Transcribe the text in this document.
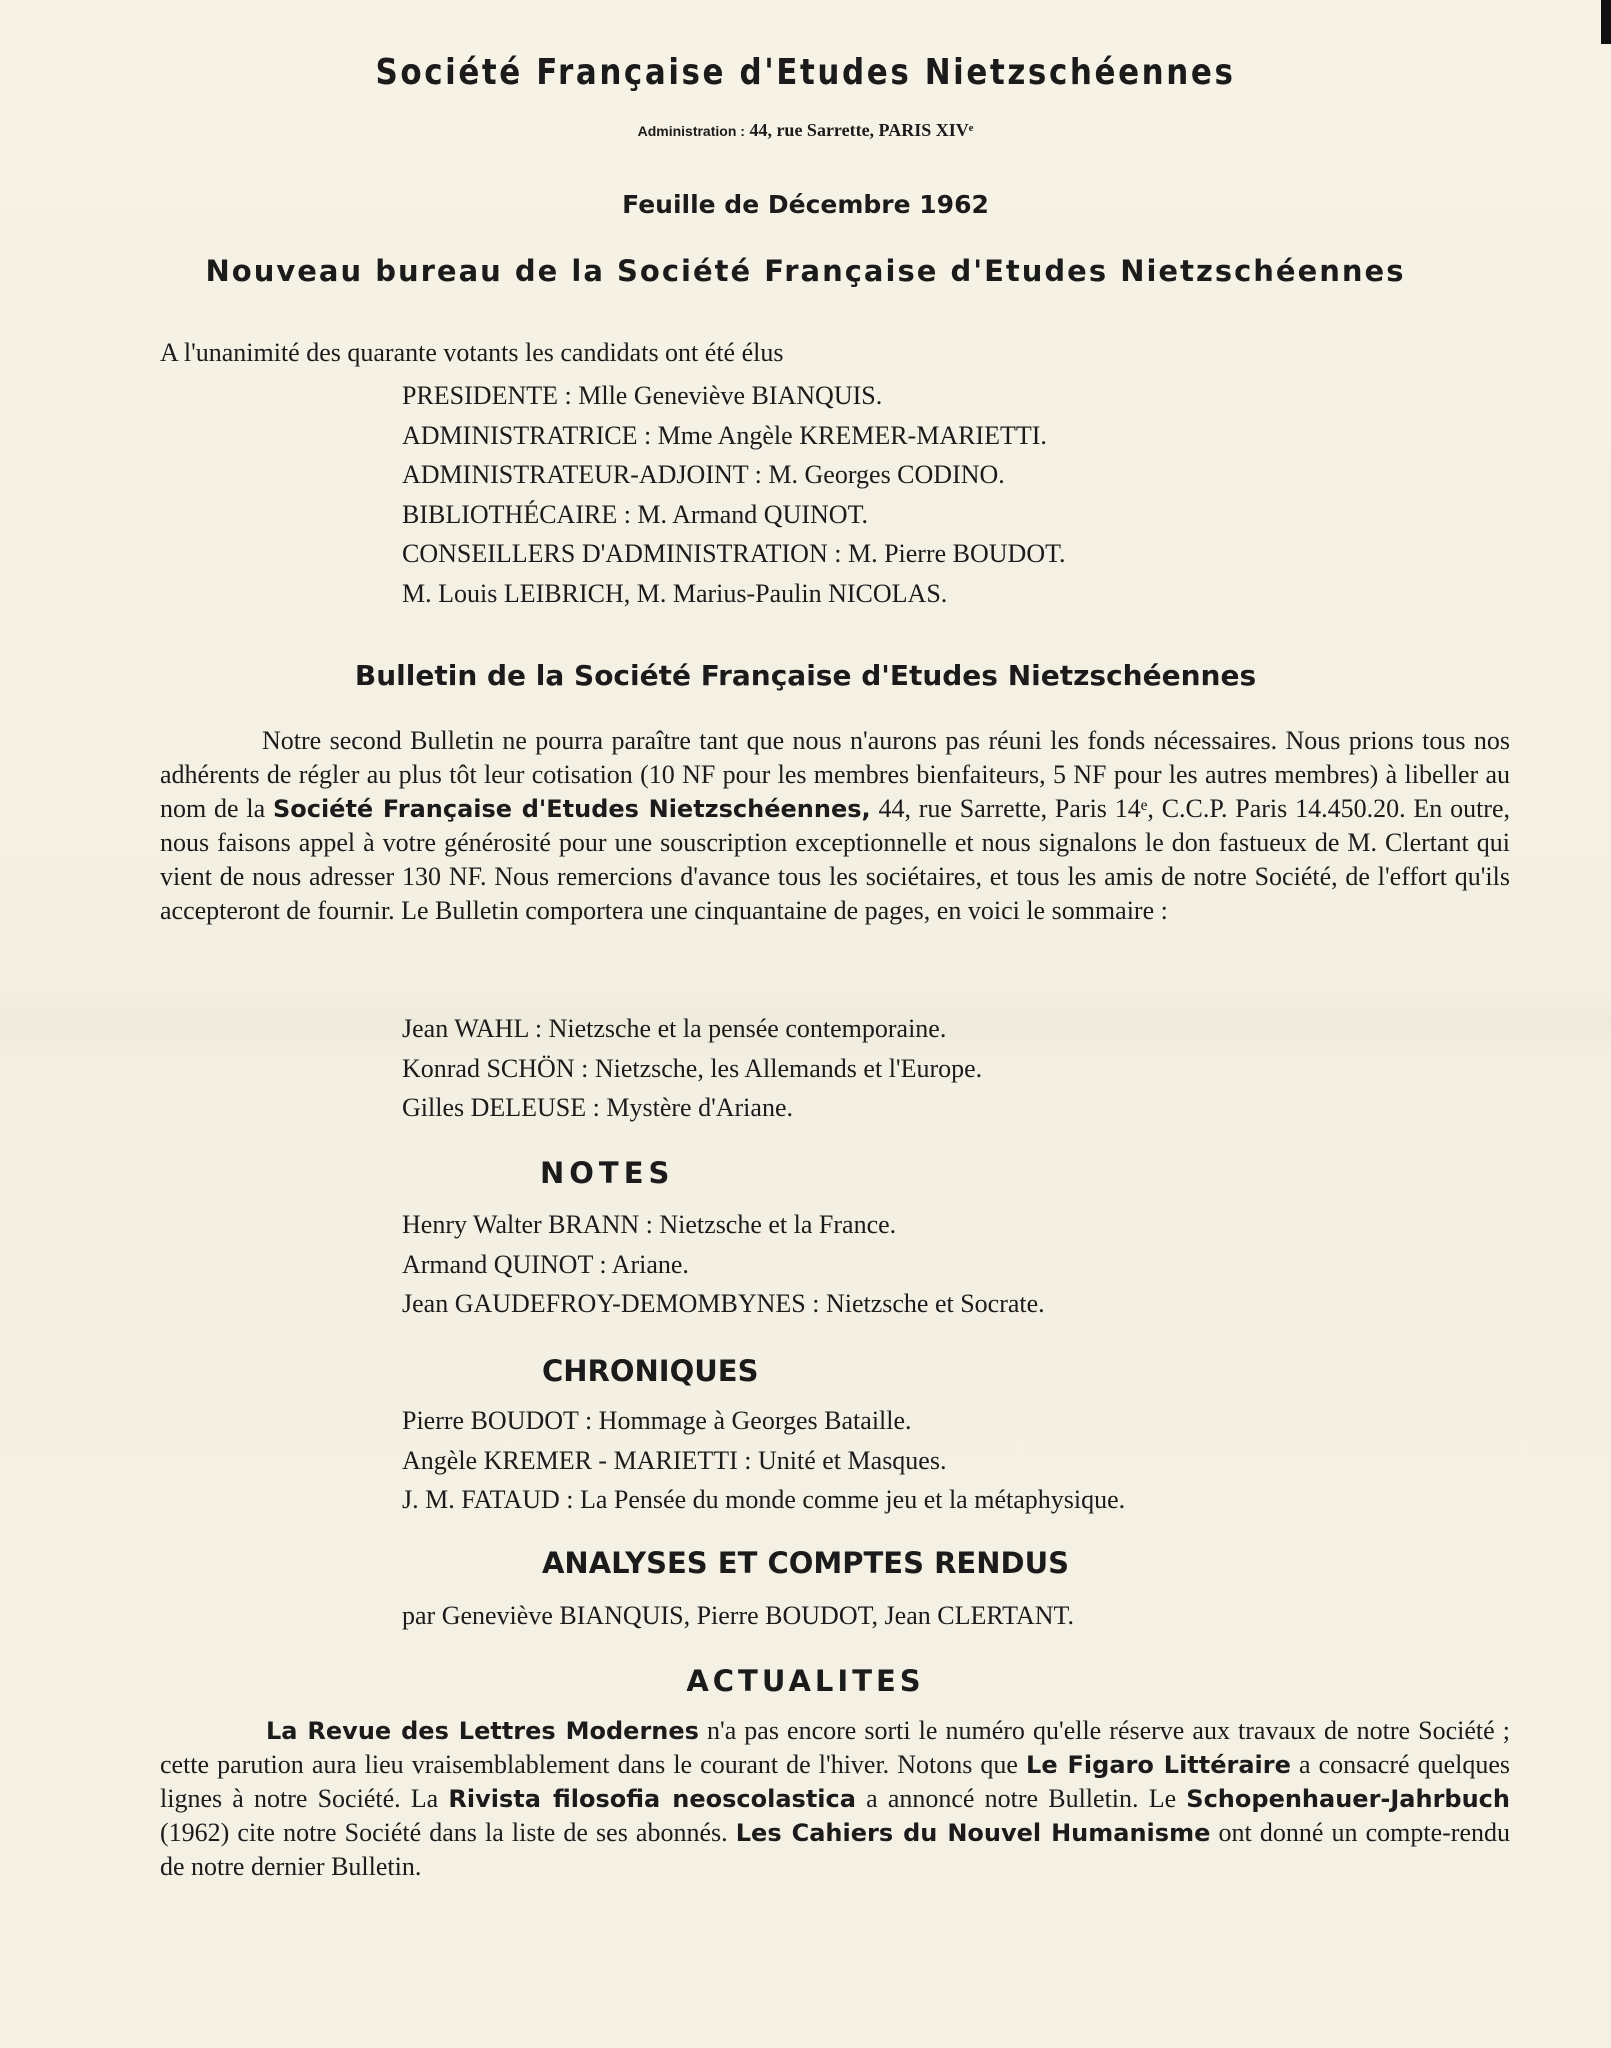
Société Française d'Etudes Nietzschéennes
Administration : 44, rue Sarrette, PARIS XIVᵉ
Feuille de Décembre 1962
Nouveau bureau de la Société Française d'Etudes Nietzschéennes
A l'unanimité des quarante votants les candidats ont été élus
PRESIDENTE : Mlle Geneviève BIANQUIS.
ADMINISTRATRICE : Mme Angèle KREMER-MARIETTI.
ADMINISTRATEUR-ADJOINT : M. Georges CODINO.
BIBLIOTHÉCAIRE : M. Armand QUINOT.
CONSEILLERS D'ADMINISTRATION : M. Pierre BOUDOT.
M. Louis LEIBRICH, M. Marius-Paulin NICOLAS.
Bulletin de la Société Française d'Etudes Nietzschéennes
Notre second Bulletin ne pourra paraître tant que nous n'aurons pas réuni les fonds nécessaires. Nous prions tous nos adhérents de régler au plus tôt leur cotisation (10 NF pour les membres bienfaiteurs, 5 NF pour les autres membres) à libeller au nom de la Société Française d'Etudes Nietzschéennes, 44, rue Sarrette, Paris 14ᵉ, C.C.P. Paris 14.450.20. En outre, nous faisons appel à votre générosité pour une souscription exceptionnelle et nous signalons le don fastueux de M. Clertant qui vient de nous adresser 130 NF. Nous remercions d'avance tous les sociétaires, et tous les amis de notre Société, de l'effort qu'ils accepteront de fournir. Le Bulletin comportera une cinquantaine de pages, en voici le sommaire :
Jean WAHL : Nietzsche et la pensée contemporaine.
Konrad SCHÖN : Nietzsche, les Allemands et l'Europe.
Gilles DELEUSE : Mystère d'Ariane.
NOTES
Henry Walter BRANN : Nietzsche et la France.
Armand QUINOT : Ariane.
Jean GAUDEFROY-DEMOMBYNES : Nietzsche et Socrate.
CHRONIQUES
Pierre BOUDOT : Hommage à Georges Bataille.
Angèle KREMER - MARIETTI : Unité et Masques.
J. M. FATAUD : La Pensée du monde comme jeu et la métaphysique.
ANALYSES ET COMPTES RENDUS
par Geneviève BIANQUIS, Pierre BOUDOT, Jean CLERTANT.
ACTUALITES
La Revue des Lettres Modernes n'a pas encore sorti le numéro qu'elle réserve aux travaux de notre Société ; cette parution aura lieu vraisemblablement dans le courant de l'hiver. Notons que Le Figaro Littéraire a consacré quelques lignes à notre Société. La Rivista filosofia neoscolastica a annoncé notre Bulletin. Le Schopenhauer-Jahrbuch (1962) cite notre Société dans la liste de ses abonnés. Les Cahiers du Nouvel Humanisme ont donné un compte-rendu de notre dernier Bulletin.
